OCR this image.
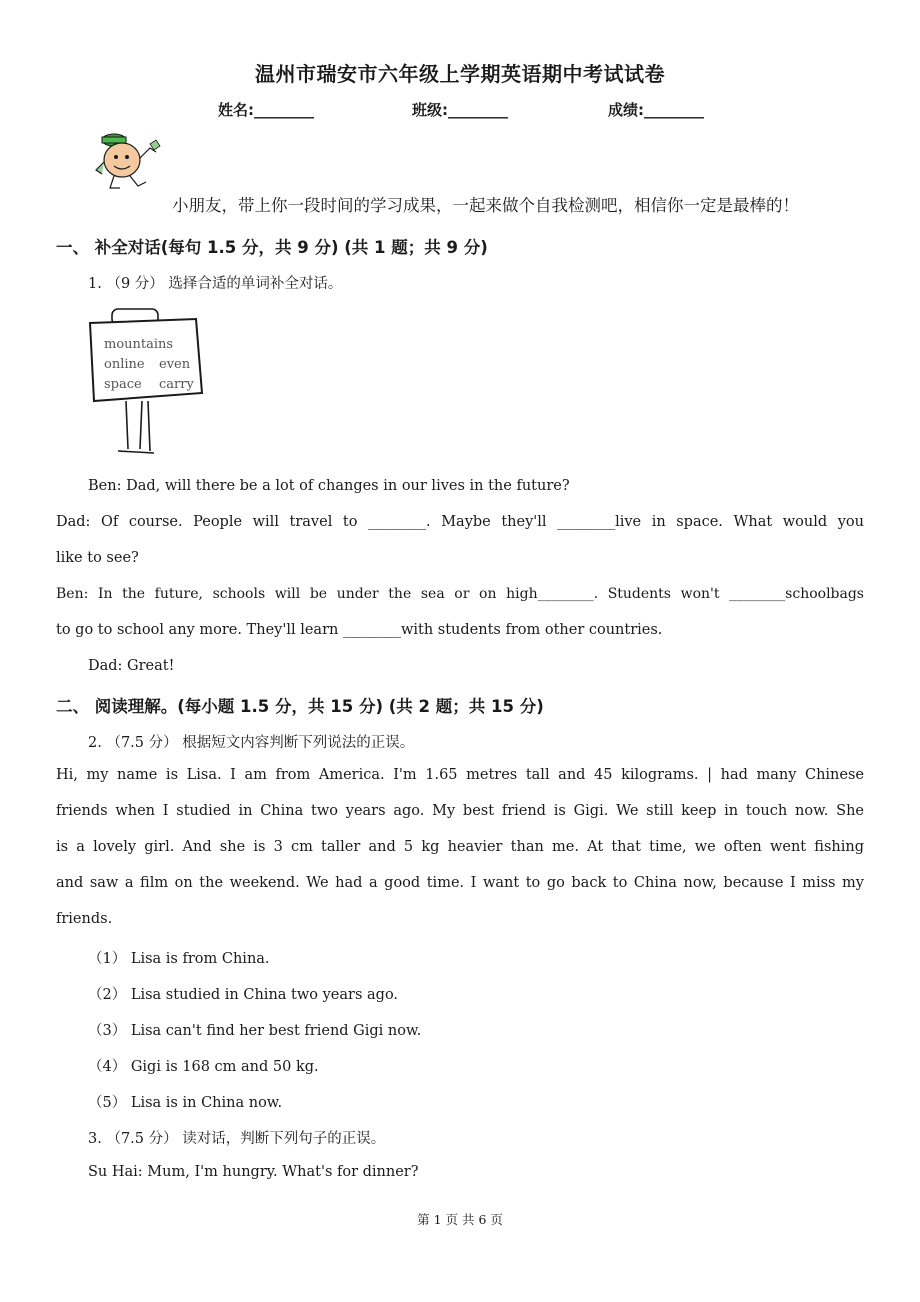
温州市瑞安市六年级上学期英语期中考试试卷
姓名:________	班级:________	成绩:________
小朋友，带上你一段时间的学习成果，一起来做个自我检测吧，相信你一定是最棒的！
一、 补全对话(每句 1.5 分，共 9 分) (共 1 题；共 9 分)
1. （9 分） 选择合适的单词补全对话。
mountains
online even
space carry
Ben: Dad, will there be a lot of changes in our lives in the future?
Dad: Of course. People will travel to ________. Maybe they'll ________live in space. What would you
like to see?
Ben: In the future, schools will be under the sea or on high________. Students won't ________schoolbags
to go to school any more. They'll learn ________with students from other countries.
Dad: Great!
二、 阅读理解。(每小题 1.5 分，共 15 分) (共 2 题；共 15 分)
2. （7.5 分） 根据短文内容判断下列说法的正误。
Hi, my name is Lisa. I am from America. I'm 1.65 metres tall and 45 kilograms. | had many Chinese
friends when I studied in China two years ago. My best friend is Gigi. We still keep in touch now. She
is a lovely girl. And she is 3 cm taller and 5 kg heavier than me. At that time, we often went fishing
and saw a film on the weekend. We had a good time. I want to go back to China now, because I miss my
friends.
（1） Lisa is from China.
（2） Lisa studied in China two years ago.
（3） Lisa can't find her best friend Gigi now.
（4） Gigi is 168 cm and 50 kg.
（5） Lisa is in China now.
3. （7.5 分） 读对话，判断下列句子的正误。
Su Hai: Mum, I'm hungry. What's for dinner?
第 1 页 共 6 页
